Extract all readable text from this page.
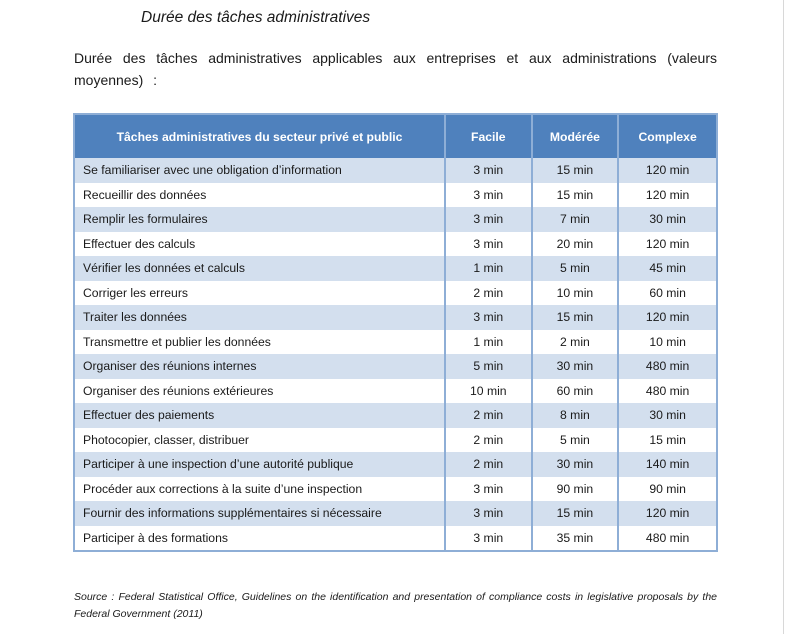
Durée des tâches administratives

Durée des tâches administratives applicables aux entreprises et aux administrations (valeurs moyennes) :

Tâches administratives du secteur privé et public	Facile	Modérée	Complexe
Se familiariser avec une obligation d’information	3 min	15 min	120 min
Recueillir des données	3 min	15 min	120 min
Remplir les formulaires	3 min	7 min	30 min
Effectuer des calculs	3 min	20 min	120 min
Vérifier les données et calculs	1 min	5 min	45 min
Corriger les erreurs	2 min	10 min	60 min
Traiter les données	3 min	15 min	120 min
Transmettre et publier les données	1 min	2 min	10 min
Organiser des réunions internes	5 min	30 min	480 min
Organiser des réunions extérieures	10 min	60 min	480 min
Effectuer des paiements	2 min	8 min	30 min
Photocopier, classer, distribuer	2 min	5 min	15 min
Participer à une inspection d’une autorité publique	2 min	30 min	140 min
Procéder aux corrections à la suite d’une inspection	3 min	90 min	90 min
Fournir des informations supplémentaires si nécessaire	3 min	15 min	120 min
Participer à des formations	3 min	35 min	480 min

Source : Federal Statistical Office, Guidelines on the identification and presentation of compliance costs in legislative proposals by the Federal Government (2011)
